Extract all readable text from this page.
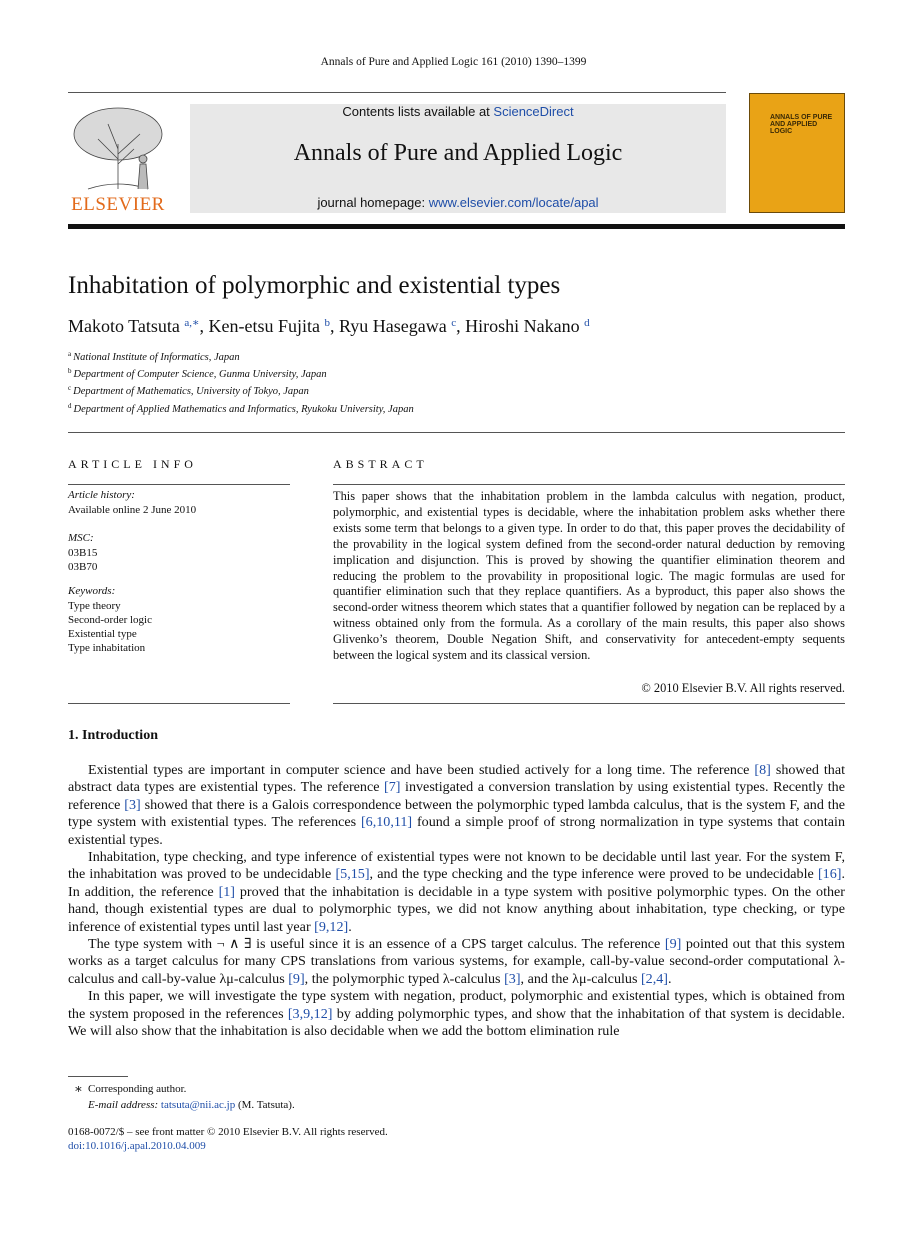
Annals of Pure and Applied Logic 161 (2010) 1390–1399
ELSEVIER
Contents lists available at ScienceDirect
Annals of Pure and Applied Logic
journal homepage: www.elsevier.com/locate/apal
ANNALS OF PURE AND APPLIED LOGIC
Inhabitation of polymorphic and existential types
Makoto Tatsuta $^{a,∗}$, Ken-etsu Fujita $^b$, Ryu Hasegawa $^c$, Hiroshi Nakano $^d$
$^a$ National Institute of Informatics, Japan
$^b$ Department of Computer Science, Gunma University, Japan
$^c$ Department of Mathematics, University of Tokyo, Japan
$^d$ Department of Applied Mathematics and Informatics, Ryukoku University, Japan
ARTICLE INFO	ABSTRACT
Article history:
Available online 2 June 2010
MSC:
03B15
03B70
Keywords:
Type theory
Second-order logic
Existential type
Type inhabitation
This paper shows that the inhabitation problem in the lambda calculus with negation, product, polymorphic, and existential types is decidable, where the inhabitation problem asks whether there exists some term that belongs to a given type. In order to do that, this paper proves the decidability of the provability in the logical system defined from the second-order natural deduction by removing implication and disjunction. This is proved by showing the quantifier elimination theorem and reducing the problem to the provability in propositional logic. The magic formulas are used for quantifier elimination such that they replace quantifiers. As a byproduct, this paper also shows the second-order witness theorem which states that a quantifier followed by negation can be replaced by a witness obtained only from the formula. As a corollary of the main results, this paper also shows Glivenko’s theorem, Double Negation Shift, and conservativity for antecedent-empty sequents between the logical system and its classical version.
© 2010 Elsevier B.V. All rights reserved.
1. Introduction

Existential types are important in computer science and have been studied actively for a long time. The reference [8] showed that abstract data types are existential types. The reference [7] investigated a conversion translation by using existential types. Recently the reference [3] showed that there is a Galois correspondence between the polymorphic typed lambda calculus, that is the system F, and the type system with existential types. The references [6,10,11] found a simple proof of strong normalization in type systems that contain existential types.

Inhabitation, type checking, and type inference of existential types were not known to be decidable until last year. For the system F, the inhabitation was proved to be undecidable [5,15], and the type checking and the type inference were proved to be undecidable [16]. In addition, the reference [1] proved that the inhabitation is decidable in a type system with positive polymorphic types. On the other hand, though existential types are dual to polymorphic types, we did not know anything about inhabitation, type checking, or type inference of existential types until last year [9,12].

The type system with ¬ ∧ ∃ is useful since it is an essence of a CPS target calculus. The reference [9] pointed out that this system works as a target calculus for many CPS translations from various systems, for example, call-by-value second-order computational λ-calculus and call-by-value λμ-calculus [9], the polymorphic typed λ-calculus [3], and the λμ-calculus [2,4].

In this paper, we will investigate the type system with negation, product, polymorphic and existential types, which is obtained from the system proposed in the references [3,9,12] by adding polymorphic types, and show that the inhabitation of that system is decidable. We will also show that the inhabitation is also decidable when we add the bottom elimination rule

∗ Corresponding author.
E-mail address: tatsuta@nii.ac.jp (M. Tatsuta).
0168-0072/$ – see front matter © 2010 Elsevier B.V. All rights reserved.
doi:10.1016/j.apal.2010.04.009
